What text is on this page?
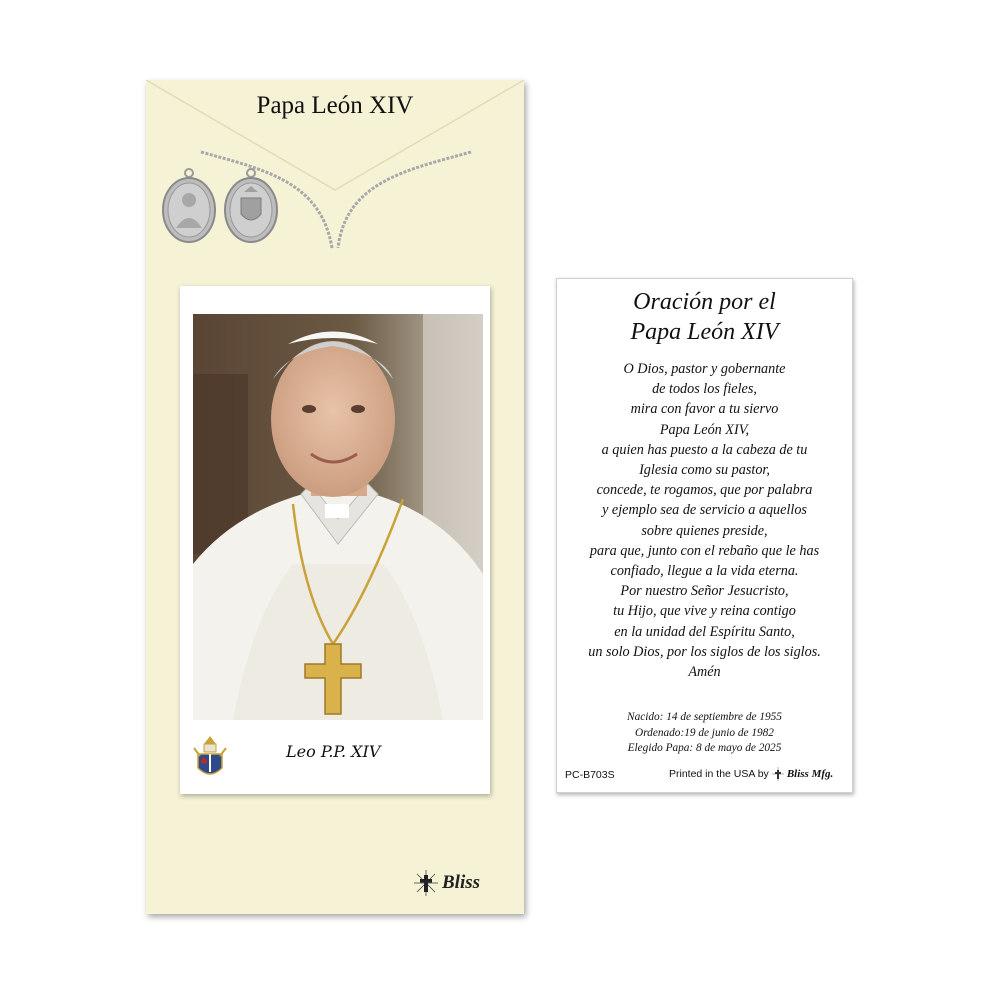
Papa León XIV
Leo P.P. XIV
Bliss
Oración por el
Papa León XIV
O Dios, pastor y gobernante
de todos los fieles,
mira con favor a tu siervo
Papa León XIV,
a quien has puesto a la cabeza de tu
Iglesia como su pastor,
concede, te rogamos, que por palabra
y ejemplo sea de servicio a aquellos
sobre quienes preside,
para que, junto con el rebaño que le has
confiado, llegue a la vida eterna.
Por nuestro Señor Jesucristo,
tu Hijo, que vive y reina contigo
en la unidad del Espíritu Santo,
un solo Dios, por los siglos de los siglos.
Amén
Nacido: 14 de septiembre de 1955
Ordenado:19 de junio de 1982
Elegido Papa: 8 de mayo de 2025
PC-B703S	Printed in the USA by Bliss Mfg.
